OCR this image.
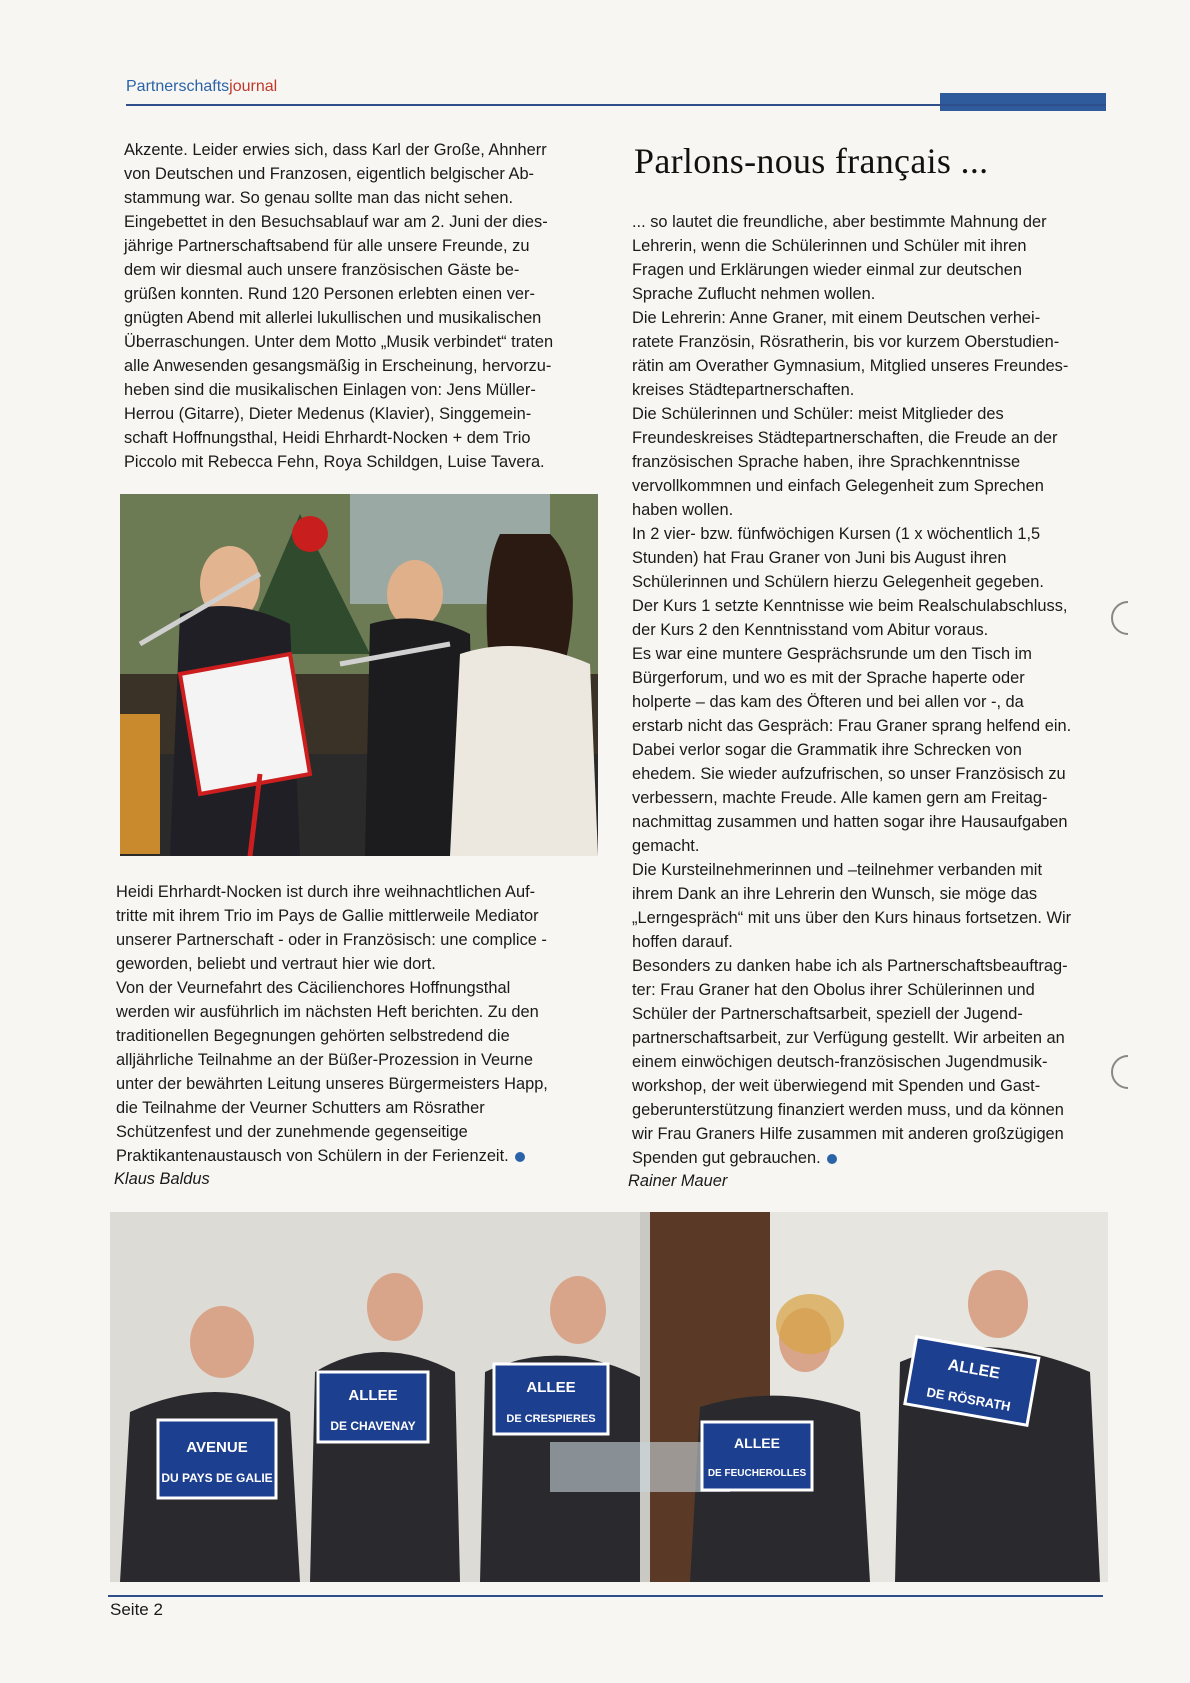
Partnerschaftsjournal
Akzente. Leider erwies sich, dass Karl der Große, Ahnherr
von Deutschen und Franzosen, eigentlich belgischer Ab-
stammung war. So genau sollte man das nicht sehen.
Eingebettet in den Besuchsablauf war am 2. Juni der dies-
jährige Partnerschaftsabend für alle unsere Freunde, zu
dem wir diesmal auch unsere französischen Gäste be-
grüßen konnten. Rund 120 Personen erlebten einen ver-
gnügten Abend mit allerlei lukullischen und musikalischen
Überraschungen. Unter dem Motto „Musik verbindet“ traten
alle Anwesenden gesangsmäßig in Erscheinung, hervorzu-
heben sind die musikalischen Einlagen von: Jens Müller-
Herrou (Gitarre), Dieter Medenus (Klavier), Singgemein-
schaft Hoffnungsthal, Heidi Ehrhardt-Nocken + dem Trio
Piccolo mit Rebecca Fehn, Roya Schildgen, Luise Tavera.
Heidi Ehrhardt-Nocken ist durch ihre weihnachtlichen Auf-
tritte mit ihrem Trio im Pays de Gallie mittlerweile Mediator
unserer Partnerschaft - oder in Französisch: une complice -
geworden, beliebt und vertraut hier wie dort.
Von der Veurnefahrt des Cäcilienchores Hoffnungsthal
werden wir ausführlich im nächsten Heft berichten. Zu den
traditionellen Begegnungen gehörten selbstredend die
alljährliche Teilnahme an der Büßer-Prozession in Veurne
unter der bewährten Leitung unseres Bürgermeisters Happ,
die Teilnahme der Veurner Schutters am Rösrather
Schützenfest und der zunehmende gegenseitige
Praktikantenaustausch von Schülern in der Ferienzeit.
Klaus Baldus
Parlons-nous français ...
... so lautet die freundliche, aber bestimmte Mahnung der
Lehrerin, wenn die Schülerinnen und Schüler mit ihren
Fragen und Erklärungen wieder einmal zur deutschen
Sprache Zuflucht nehmen wollen.
Die Lehrerin: Anne Graner, mit einem Deutschen verhei-
ratete Französin, Rösratherin, bis vor kurzem Oberstudien-
rätin am Overather Gymnasium, Mitglied unseres Freundes-
kreises Städtepartnerschaften.
Die Schülerinnen und Schüler: meist Mitglieder des
Freundeskreises Städtepartnerschaften, die Freude an der
französischen Sprache haben, ihre Sprachkenntnisse
vervollkommnen und einfach Gelegenheit zum Sprechen
haben wollen.
In 2 vier- bzw. fünfwöchigen Kursen (1 x wöchentlich 1,5
Stunden) hat Frau Graner von Juni bis August ihren
Schülerinnen und Schülern hierzu Gelegenheit gegeben.
Der Kurs 1 setzte Kenntnisse wie beim Realschulabschluss,
der Kurs 2 den Kenntnisstand vom Abitur voraus.
Es war eine muntere Gesprächsrunde um den Tisch im
Bürgerforum, und wo es mit der Sprache haperte oder
holperte – das kam des Öfteren und bei allen vor -, da
erstarb nicht das Gespräch: Frau Graner sprang helfend ein.
Dabei verlor sogar die Grammatik ihre Schrecken von
ehedem. Sie wieder aufzufrischen, so unser Französisch zu
verbessern, machte Freude. Alle kamen gern am Freitag-
nachmittag zusammen und hatten sogar ihre Hausaufgaben
gemacht.
Die Kursteilnehmerinnen und –teilnehmer verbanden mit
ihrem Dank an ihre Lehrerin den Wunsch, sie möge das
„Lerngespräch“ mit uns über den Kurs hinaus fortsetzen. Wir
hoffen darauf.
Besonders zu danken habe ich als Partnerschaftsbeauftrag-
ter: Frau Graner hat den Obolus ihrer Schülerinnen und
Schüler der Partnerschaftsarbeit, speziell der Jugend-
partnerschaftsarbeit, zur Verfügung gestellt. Wir arbeiten an
einem einwöchigen deutsch-französischen Jugendmusik-
workshop, der weit überwiegend mit Spenden und Gast-
geberunterstützung finanziert werden muss, und da können
wir Frau Graners Hilfe zusammen mit anderen großzügigen
Spenden gut gebrauchen.
Rainer Mauer
AVENUE
DU PAYS DE GALIE
ALLEE
DE CHAVENAY
ALLEE
DE CRESPIERES
ALLEE
DE FEUCHEROLLES
ALLEE
DE RÖSRATH
Seite 2
